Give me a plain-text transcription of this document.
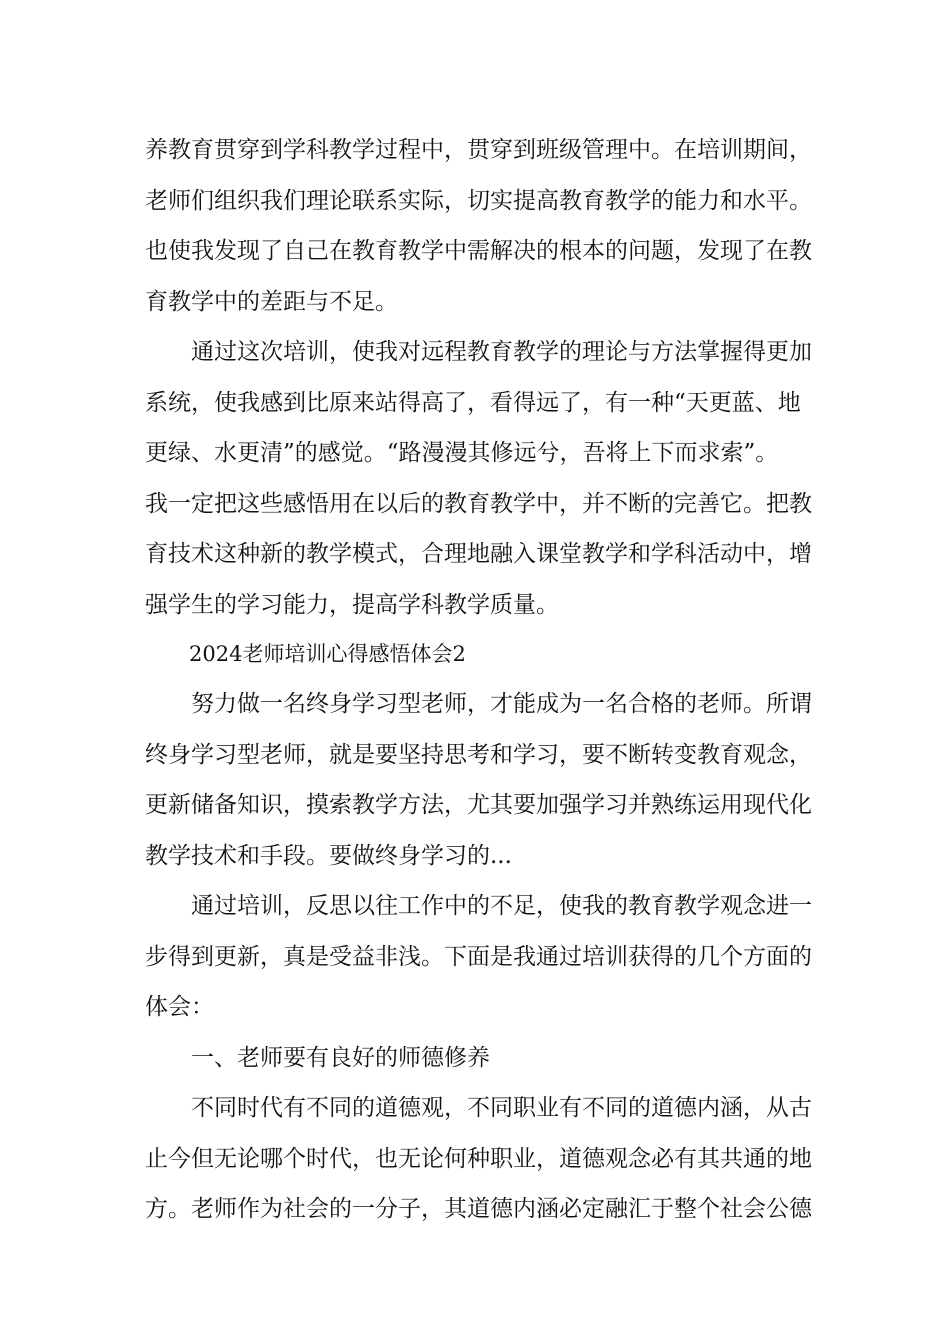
养教育贯穿到学科教学过程中，贯穿到班级管理中。在培训期间，
老师们组织我们理论联系实际，切实提高教育教学的能力和水平。
也使我发现了自己在教育教学中需解决的根本的问题，发现了在教
育教学中的差距与不足。
通过这次培训，使我对远程教育教学的理论与方法掌握得更加
系统，使我感到比原来站得高了，看得远了，有一种“天更蓝、地
更绿、水更清”的感觉。“路漫漫其修远兮，吾将上下而求索”。
我一定把这些感悟用在以后的教育教学中，并不断的完善它。把教
育技术这种新的教学模式，合理地融入课堂教学和学科活动中，增
强学生的学习能力，提高学科教学质量。
2024老师培训心得感悟体会2
努力做一名终身学习型老师，才能成为一名合格的老师。所谓
终身学习型老师，就是要坚持思考和学习，要不断转变教育观念，
更新储备知识，摸索教学方法，尤其要加强学习并熟练运用现代化
教学技术和手段。要做终身学习的...
通过培训，反思以往工作中的不足，使我的教育教学观念进一
步得到更新，真是受益非浅。下面是我通过培训获得的几个方面的
体会：
一、老师要有良好的师德修养
不同时代有不同的道德观，不同职业有不同的道德内涵，从古
止今但无论哪个时代，也无论何种职业，道德观念必有其共通的地
方。老师作为社会的一分子，其道德内涵必定融汇于整个社会公德
